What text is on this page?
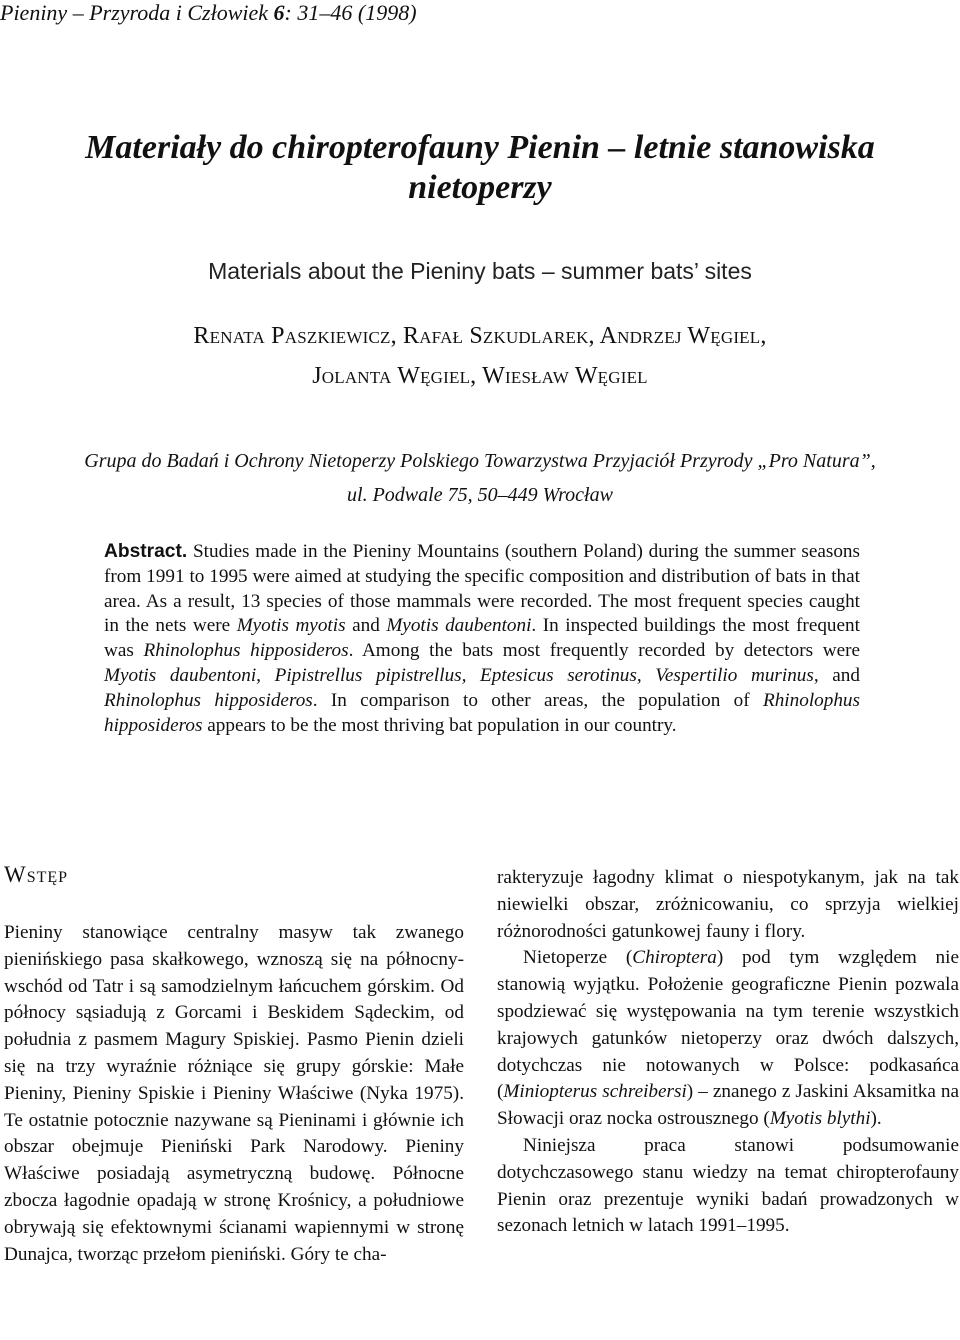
Pieniny – Przyroda i Człowiek 6: 31–46 (1998)
Materiały do chiropterofauny Pienin – letnie stanowiska
nietoperzy
Materials about the Pieniny bats – summer bats’ sites
Renata Paszkiewicz, Rafał Szkudlarek, Andrzej Węgiel,
Jolanta Węgiel, Wiesław Węgiel
Grupa do Badań i Ochrony Nietoperzy Polskiego Towarzystwa Przyjaciół Przyrody „Pro Natura”,
ul. Podwale 75, 50–449 Wrocław
Abstract. Studies made in the Pieniny Mountains (southern Poland) during the summer seasons from 1991 to 1995 were aimed at studying the specific composition and distribution of bats in that area. As a result, 13 species of those mammals were recorded. The most frequent species caught in the nets were Myotis myotis and Myotis daubentoni. In inspected buildings the most frequent was Rhinolophus hipposideros. Among the bats most frequently recorded by detectors were Myotis daubentoni, Pipistrellus pipistrellus, Eptesicus serotinus, Vespertilio murinus, and Rhinolophus hipposideros. In comparison to other areas, the population of Rhinolophus hipposideros appears to be the most thriving bat population in our country.
Wstęp

Pieniny stanowiące centralny masyw tak zwanego pienińskiego pasa skałkowego, wznoszą się na północny-wschód od Tatr i są samodzielnym łańcuchem górskim. Od północy sąsiadują z Gorcami i Beskidem Sądeckim, od południa z pasmem Magury Spiskiej. Pasmo Pienin dzieli się na trzy wyraźnie różniące się grupy górskie: Małe Pieniny, Pieniny Spiskie i Pieniny Właściwe (Nyka 1975). Te ostatnie potocznie nazywane są Pieninami i głównie ich obszar obejmuje Pieniński Park Narodowy. Pieniny Właściwe posiadają asymetryczną budowę. Północne zbocza łagodnie opadają w stronę Krośnicy, a południowe obrywają się efektownymi ścianami wapiennymi w stronę Dunajca, tworząc przełom pieniński. Góry te cha-

rakteryzuje łagodny klimat o niespotykanym, jak na tak niewielki obszar, zróżnicowaniu, co sprzyja wielkiej różnorodności gatunkowej fauny i flory.

Nietoperze (Chiroptera) pod tym względem nie stanowią wyjątku. Położenie geograficzne Pienin pozwala spodziewać się występowania na tym terenie wszystkich krajowych gatunków nietoperzy oraz dwóch dalszych, dotychczas nie notowanych w Polsce: podkasańca (Miniopterus schreibersi) – znanego z Jaskini Aksamitka na Słowacji oraz nocka ostrousznego (Myotis blythi).

Niniejsza praca stanowi podsumowanie dotychczasowego stanu wiedzy na temat chiropterofauny Pienin oraz prezentuje wyniki badań prowadzonych w sezonach letnich w latach 1991–1995.
